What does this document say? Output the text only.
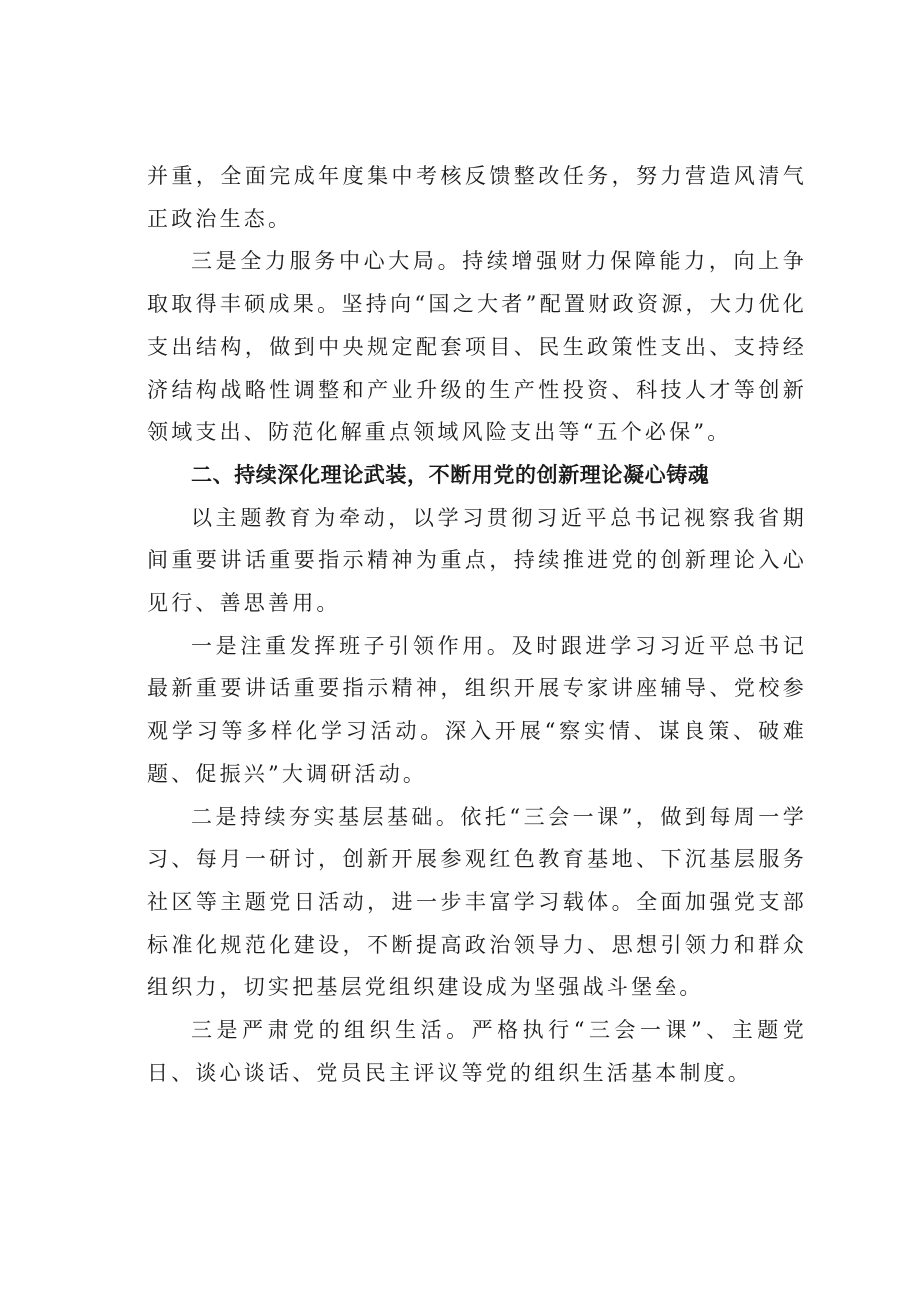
并重，全面完成年度集中考核反馈整改任务，努力营造风清气正政治生态。

三是全力服务中心大局。持续增强财力保障能力，向上争取取得丰硕成果。坚持向“国之大者”配置财政资源，大力优化支出结构，做到中央规定配套项目、民生政策性支出、支持经济结构战略性调整和产业升级的生产性投资、科技人才等创新领域支出、防范化解重点领域风险支出等“五个必保”。

二、持续深化理论武装，不断用党的创新理论凝心铸魂

以主题教育为牵动，以学习贯彻习近平总书记视察我省期间重要讲话重要指示精神为重点，持续推进党的创新理论入心见行、善思善用。

一是注重发挥班子引领作用。及时跟进学习习近平总书记最新重要讲话重要指示精神，组织开展专家讲座辅导、党校参观学习等多样化学习活动。深入开展“察实情、谋良策、破难题、促振兴”大调研活动。

二是持续夯实基层基础。依托“三会一课”，做到每周一学习、每月一研讨，创新开展参观红色教育基地、下沉基层服务社区等主题党日活动，进一步丰富学习载体。全面加强党支部标准化规范化建设，不断提高政治领导力、思想引领力和群众组织力，切实把基层党组织建设成为坚强战斗堡垒。

三是严肃党的组织生活。严格执行“三会一课”、主题党日、谈心谈话、党员民主评议等党的组织生活基本制度。
